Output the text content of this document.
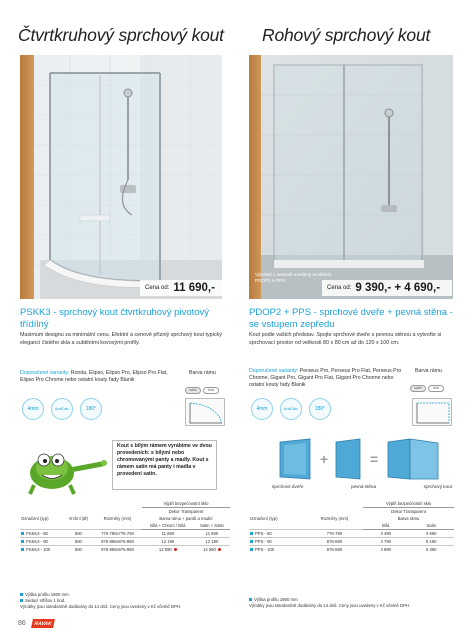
Čtvrtkruhový sprchový kout
Cena od: 11 690,-
PSKK3 - sprchový kout čtvrtkruhový pivotový třídílný
Maximum designu za minimální cenu. Efektní a cenově přízniý sprchový kout typický elegancí čistého skla a subtilními kovovými profily.
Doporučené varianty: Ronda, Elipso, Elipso Pro, Elipso Pro Flat, Elipso Pro Chrome nebo ostatní kouty řady Blanik
Barva rámu
satin	bílá
4mm	AntiCalc	180°
Kout s bílým rámem vyrábíme ve dvou provedeních: s bílými nebo chromovanými panty a madly. Kout s rámem satin má panty i madla v provedení satin.
			Výplň bezpečnostní sklo	
Označení (typ)	Vrchní (Ø)	Rozměry (mm)	Dekor Transparent	
			Barva rámu + pantů a madel	
			Bílá + Chrom / Bílá	Satin + Satin
PSKK3 - 80	500	775-780x775-780	11 690	11 690
PSKK3 - 90	500	875-880x875-880	12 190	12 190
PSKK3 - 100	500	975-980x975-980	12 590	12 590
Výška profilu 1900 mm
Sedací stříšov 1 bod.
Výrobky jsou standardně dodávány do 14 dnů. Ceny jsou uvedeny v Kč včetně DPH.
Rohový sprchový kout
Výrobek v sestavě uvedený modelem PDOP2 a PPS
Cena od: 9 390,- + 4 690,-
PDOP2 + PPS - sprchové dveře + pevná stěna - se vstupem zepředu
Kout podle vašich představ. Spojte sprchové dveře s pevnou stěnou a vytvořte si sprchovací prostor od velikosti 80 x 80 cm až do 120 x 100 cm.
Doporučené varianty: Perseus Pro, Perseus Pro Flat, Perseus Pro Chrome, Gigant Pro, Gigant Pro Flat, Gigant Pro Chrome nebo ostatní kouty řady Blanik
Barva rámu
satin	bílá
4mm	AntiCalc	180°
+	=
sprchové dveře	pevná stěna	sprchový kout
		Výplň bezpečnostní sklo	
Označení (typ)	Rozměry (mm)	Dekor Transparent	
		Barva rámu	
		Bílá	Satin
PPS - 80	775-780	4 490	4 690
PPS - 90	875-880	4 790	5 190
PPS - 100	975-980	4 890	5 390
Výška profilu 1900 mm
Výrobky jsou standardně dodávány do 14 dnů. Ceny jsou uvedeny v Kč včetně DPH.
86 RAVAK
